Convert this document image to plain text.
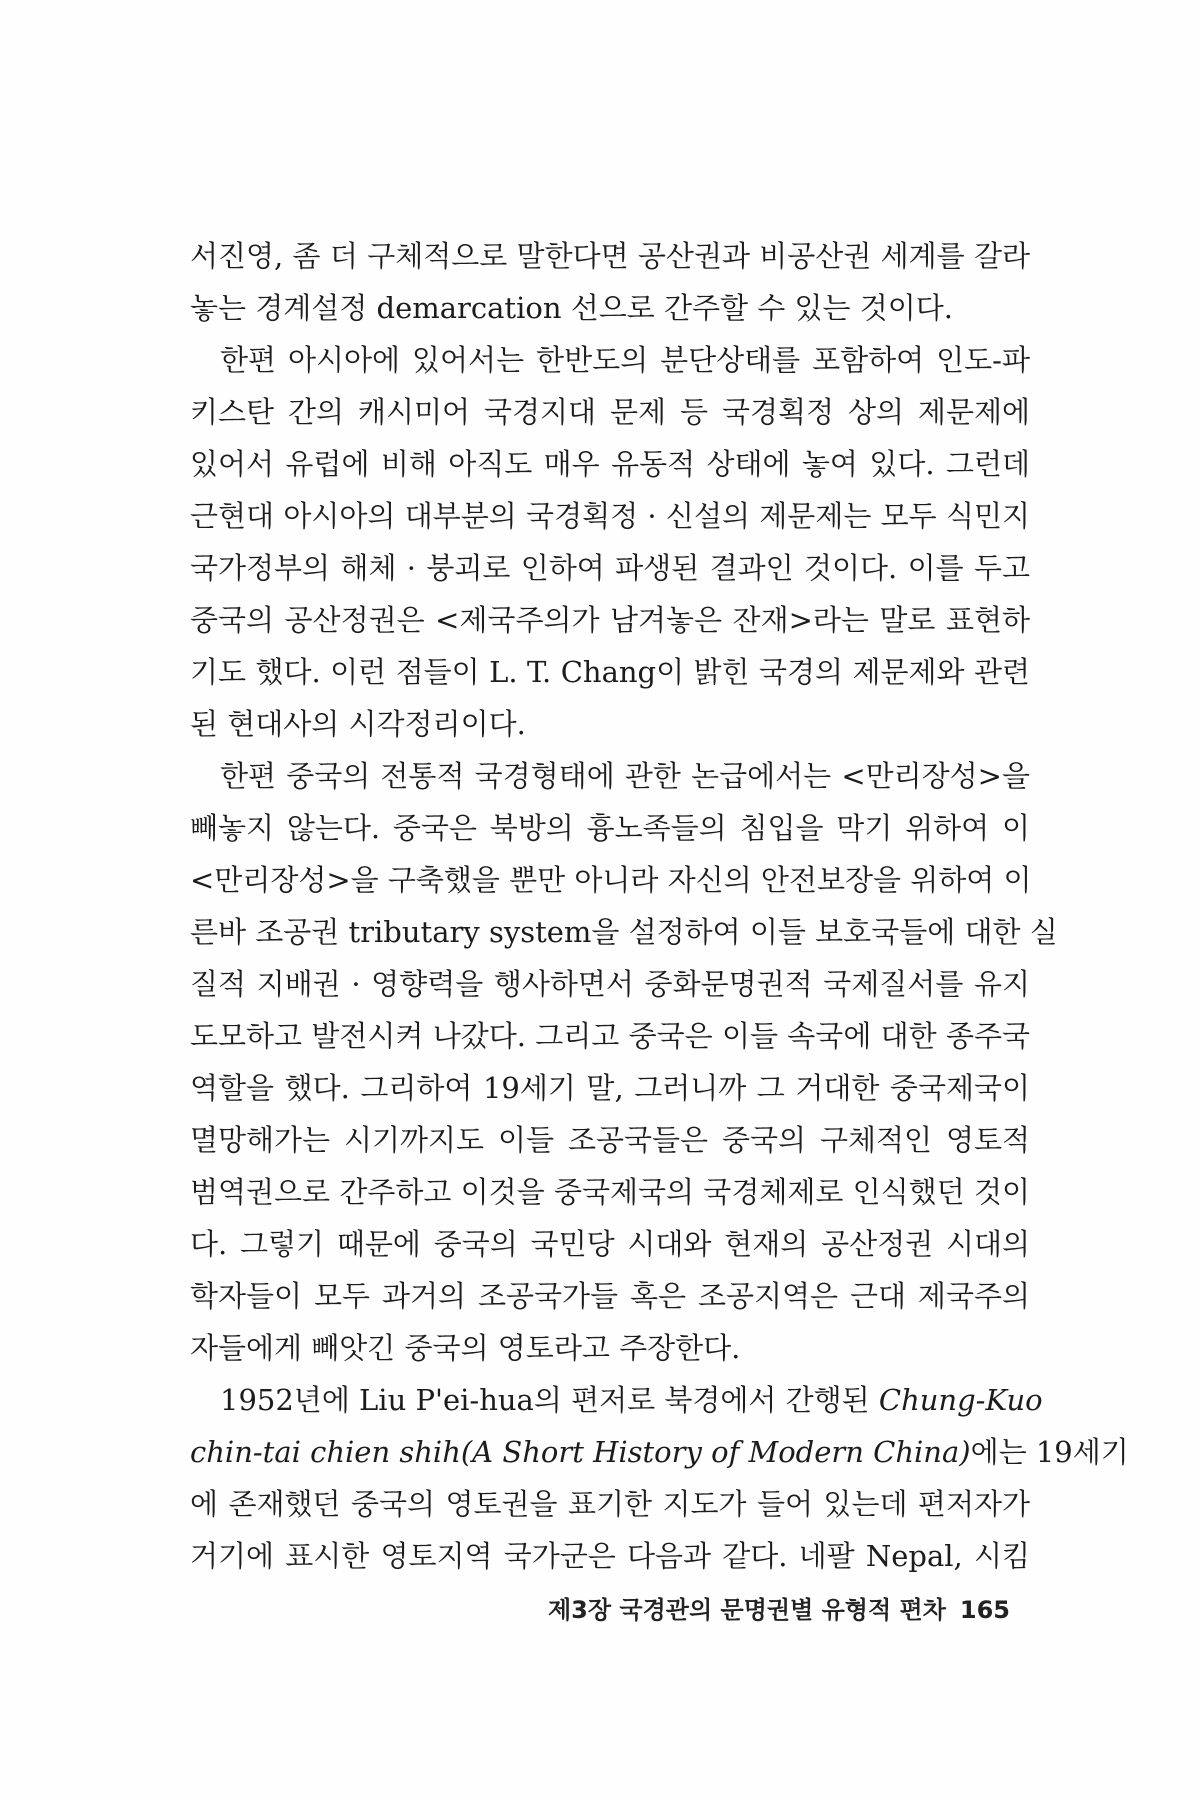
서진영, 좀 더 구체적으로 말한다면 공산권과 비공산권 세계를 갈라
놓는 경계설정 demarcation 선으로 간주할 수 있는 것이다.
한편 아시아에 있어서는 한반도의 분단상태를 포함하여 인도-파
키스탄 간의 캐시미어 국경지대 문제 등 국경획정 상의 제문제에
있어서 유럽에 비해 아직도 매우 유동적 상태에 놓여 있다. 그런데
근현대 아시아의 대부분의 국경획정 · 신설의 제문제는 모두 식민지
국가정부의 해체 · 붕괴로 인하여 파생된 결과인 것이다. 이를 두고
중국의 공산정권은 <제국주의가 남겨놓은 잔재>라는 말로 표현하
기도 했다. 이런 점들이 L. T. Chang이 밝힌 국경의 제문제와 관련
된 현대사의 시각정리이다.
한편 중국의 전통적 국경형태에 관한 논급에서는 <만리장성>을
빼놓지 않는다. 중국은 북방의 흉노족들의 침입을 막기 위하여 이
<만리장성>을 구축했을 뿐만 아니라 자신의 안전보장을 위하여 이
른바 조공권 tributary system을 설정하여 이들 보호국들에 대한 실
질적 지배권 · 영향력을 행사하면서 중화문명권적 국제질서를 유지
도모하고 발전시켜 나갔다. 그리고 중국은 이들 속국에 대한 종주국
역할을 했다. 그리하여 19세기 말, 그러니까 그 거대한 중국제국이
멸망해가는 시기까지도 이들 조공국들은 중국의 구체적인 영토적
범역권으로 간주하고 이것을 중국제국의 국경체제로 인식했던 것이
다. 그렇기 때문에 중국의 국민당 시대와 현재의 공산정권 시대의
학자들이 모두 과거의 조공국가들 혹은 조공지역은 근대 제국주의
자들에게 빼앗긴 중국의 영토라고 주장한다.
1952년에 Liu P'ei-hua의 편저로 북경에서 간행된 Chung-Kuo
chin-tai chien shih(A Short History of Modern China)에는 19세기
에 존재했던 중국의 영토권을 표기한 지도가 들어 있는데 편저자가
거기에 표시한 영토지역 국가군은 다음과 같다. 네팔 Nepal, 시킴
제3장 국경관의 문명권별 유형적 편차 165
